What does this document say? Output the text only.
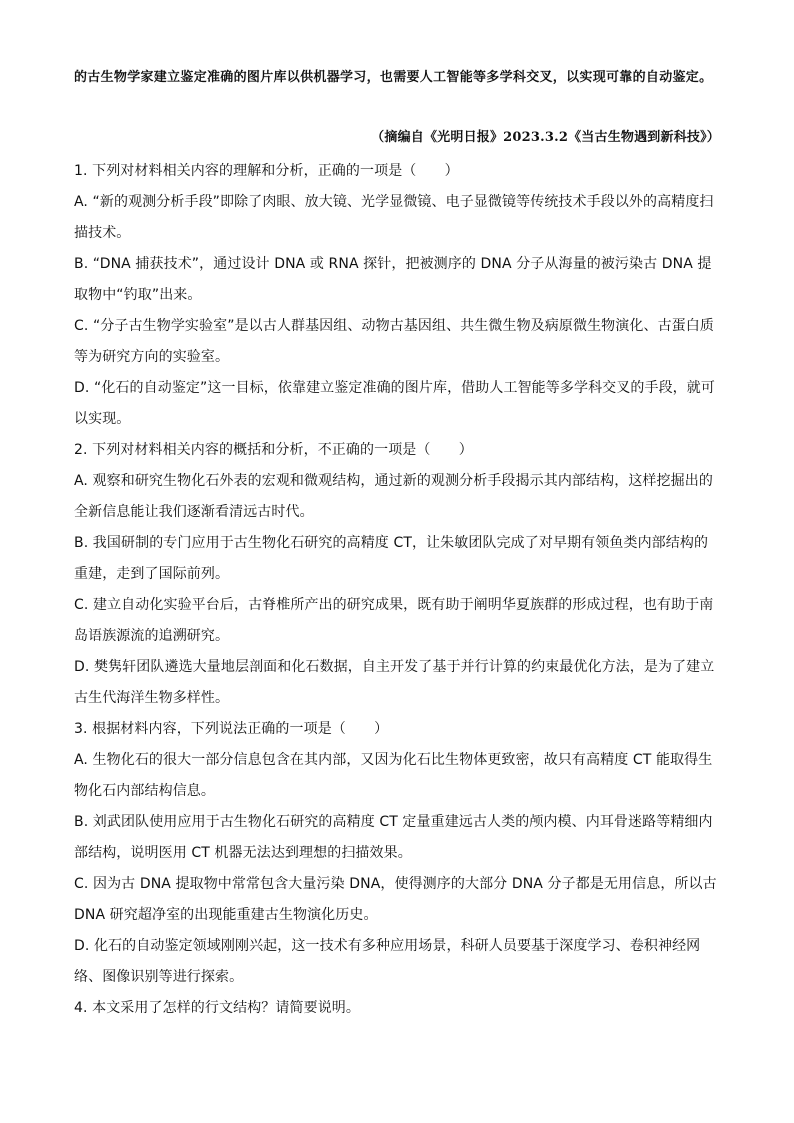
的古生物学家建立鉴定准确的图片库以供机器学习，也需要人工智能等多学科交叉，以实现可靠的自动鉴定。
（摘编自《光明日报》2023.3.2《当古生物遇到新科技》）

1. 下列对材料相关内容的理解和分析，正确的一项是（　　）

A. “新的观测分析手段”即除了肉眼、放大镜、光学显微镜、电子显微镜等传统技术手段以外的高精度扫描技术。

B. “DNA 捕获技术”，通过设计 DNA 或 RNA 探针，把被测序的 DNA 分子从海量的被污染古 DNA 提取物中“钓取”出来。

C. “分子古生物学实验室”是以古人群基因组、动物古基因组、共生微生物及病原微生物演化、古蛋白质等为研究方向的实验室。

D. “化石的自动鉴定”这一目标，依靠建立鉴定准确的图片库，借助人工智能等多学科交叉的手段，就可以实现。

2. 下列对材料相关内容的概括和分析，不正确的一项是（　　）

A. 观察和研究生物化石外表的宏观和微观结构，通过新的观测分析手段揭示其内部结构，这样挖掘出的全新信息能让我们逐渐看清远古时代。

B. 我国研制的专门应用于古生物化石研究的高精度 CT，让朱敏团队完成了对早期有领鱼类内部结构的重建，走到了国际前列。

C. 建立自动化实验平台后，古脊椎所产出的研究成果，既有助于阐明华夏族群的形成过程，也有助于南岛语族源流的追溯研究。

D. 樊隽轩团队遴选大量地层剖面和化石数据，自主开发了基于并行计算的约束最优化方法，是为了建立古生代海洋生物多样性。

3. 根据材料内容，下列说法正确的一项是（　　）

A. 生物化石的很大一部分信息包含在其内部，又因为化石比生物体更致密，故只有高精度 CT 能取得生物化石内部结构信息。

B. 刘武团队使用应用于古生物化石研究的高精度 CT 定量重建远古人类的颅内模、内耳骨迷路等精细内部结构，说明医用 CT 机器无法达到理想的扫描效果。

C. 因为古 DNA 提取物中常常包含大量污染 DNA，使得测序的大部分 DNA 分子都是无用信息，所以古 DNA 研究超净室的出现能重建古生物演化历史。

D. 化石的自动鉴定领域刚刚兴起，这一技术有多种应用场景，科研人员要基于深度学习、卷积神经网络、图像识别等进行探索。

4. 本文采用了怎样的行文结构？请简要说明。
